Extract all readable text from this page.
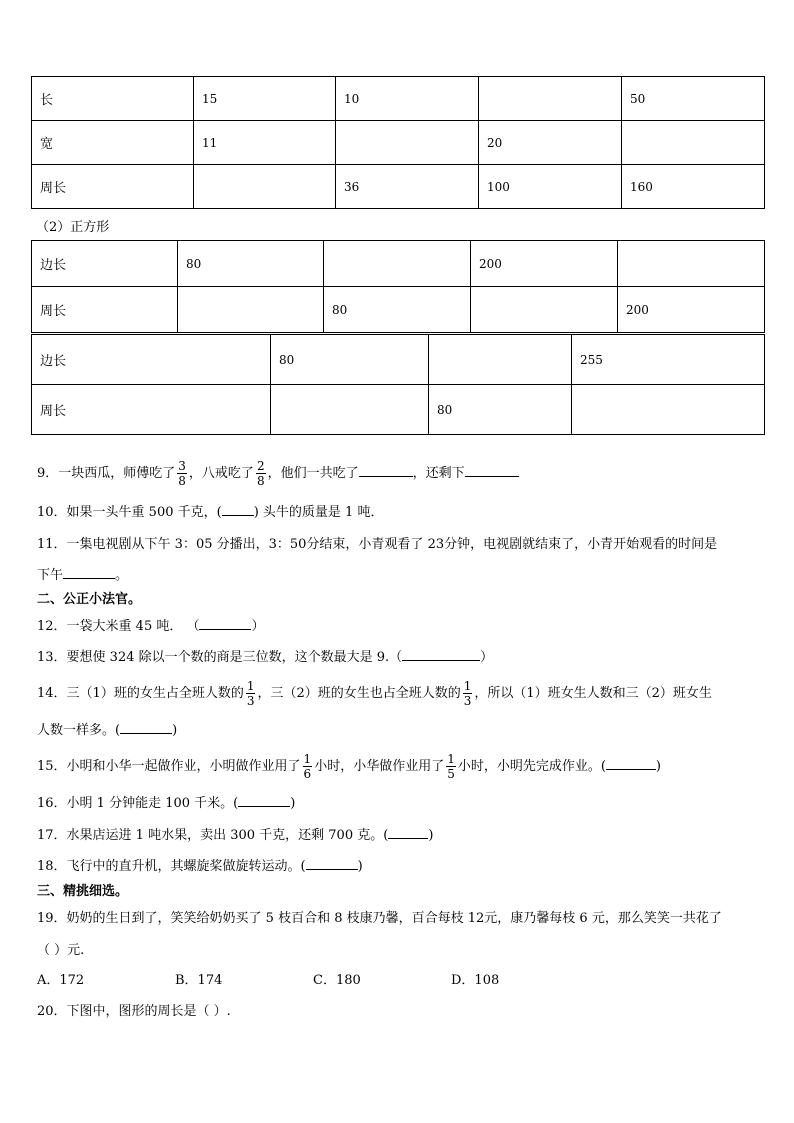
长	15	10		50
宽	11		20	
周长		36	100	160
（2）正方形
边长	80		200	
周长		80		200
边长	80		255
周长		80	
9．一块西瓜，师傅吃了 $\frac{3}{8}$ ，八戒吃了 $\frac{2}{8}$ ，他们一共吃了	，还剩下
10．如果一头牛重 500 千克，( ) 头牛的质量是 1 吨．
11．一集电视剧从下午 3：05 分播出，3：50分结束，小青观看了 23分钟，电视剧就结束了，小青开始观看的时间是
下午	。
二、公正小法官。
12．一袋大米重 45 吨． （	）
13．要想使 324 除以一个数的商是三位数，这个数最大是 9.（	）
14．三（1）班的女生占全班人数的 $\frac{1}{3}$ ，三（2）班的女生也占全班人数的 $\frac{1}{3}$ ，所以（1）班女生人数和三（2）班女生
人数一样多。(	)
15．小明和小华一起做作业，小明做作业用了 $\frac{1}{6}$ 小时，小华做作业用了 $\frac{1}{5}$ 小时，小明先完成作业。(	)
16．小明 1 分钟能走 100 千米。(	)
17．水果店运进 1 吨水果，卖出 300 千克，还剩 700 克。(	)
18．飞行中的直升机，其螺旋桨做旋转运动。(	)
三、精挑细选。
19．奶奶的生日到了，笑笑给奶奶买了 5 枝百合和 8 枝康乃馨，百合每枝 12元，康乃馨每枝 6 元，那么笑笑一共花了
（ ）元.
A．172	B．174	C．180	D．108
20．下图中，图形的周长是（ ）.
